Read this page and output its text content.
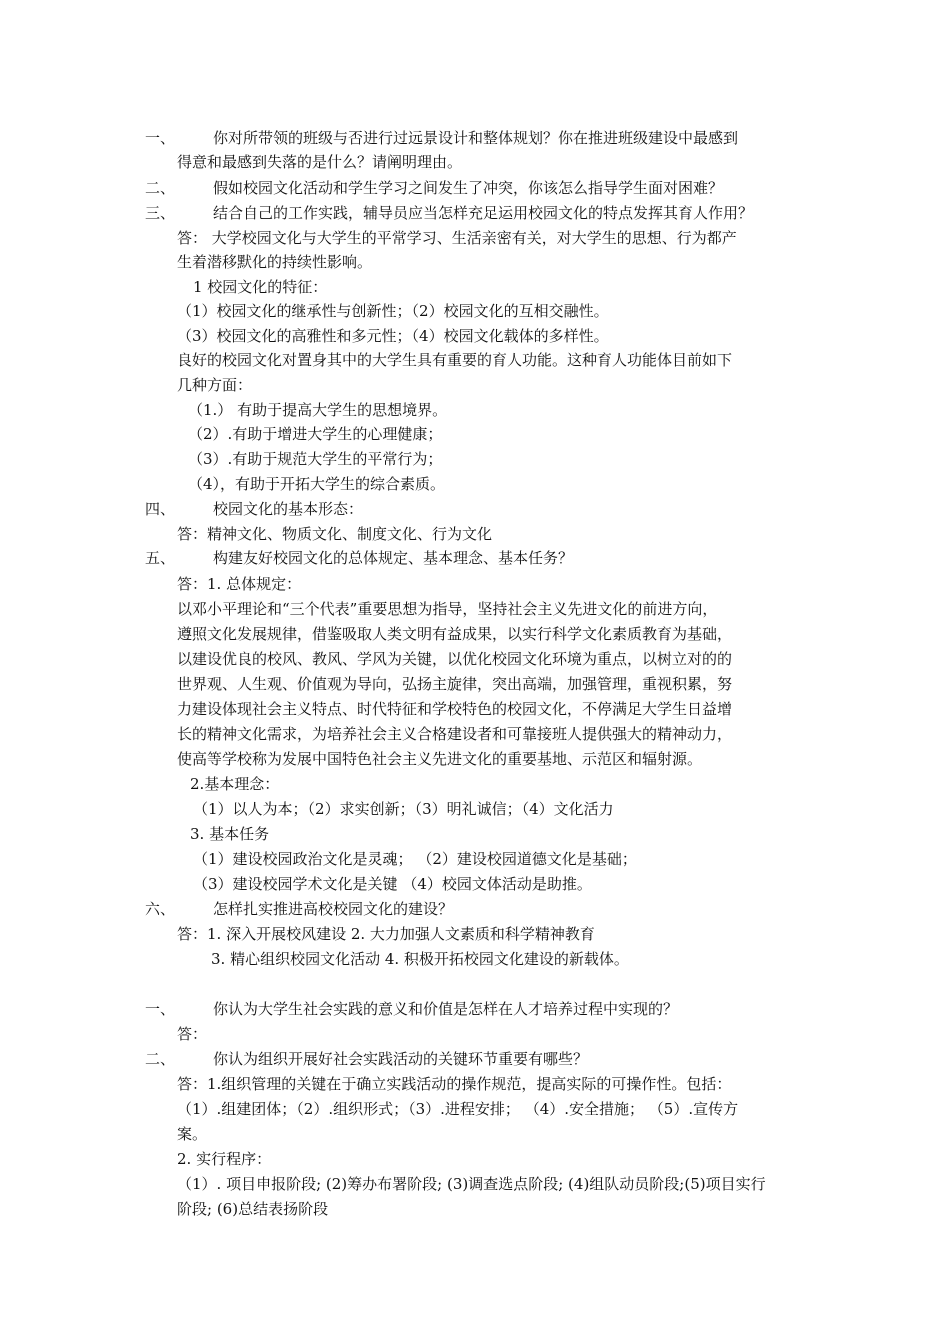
一、	你对所带领的班级与否进行过远景设计和整体规划？你在推进班级建设中最感到
得意和最感到失落的是什么？请阐明理由。
二、	假如校园文化活动和学生学习之间发生了冲突，你该怎么指导学生面对困难？
三、	结合自己的工作实践，辅导员应当怎样充足运用校园文化的特点发挥其育人作用？
答： 大学校园文化与大学生的平常学习、生活亲密有关，对大学生的思想、行为都产
生着潜移默化的持续性影响。
1 校园文化的特征：
（1）校园文化的继承性与创新性；（2）校园文化的互相交融性。
（3）校园文化的高雅性和多元性；（4）校园文化载体的多样性。
良好的校园文化对置身其中的大学生具有重要的育人功能。这种育人功能体目前如下
几种方面：
（1.） 有助于提高大学生的思想境界。
（2）.有助于增进大学生的心理健康；
（3）.有助于规范大学生的平常行为；
（4），有助于开拓大学生的综合素质。
四、	校园文化的基本形态：
答：精神文化、物质文化、制度文化、行为文化
五、	构建友好校园文化的总体规定、基本理念、基本任务？
答：1. 总体规定：
以邓小平理论和“三个代表”重要思想为指导，坚持社会主义先进文化的前进方向，
遵照文化发展规律，借鉴吸取人类文明有益成果，以实行科学文化素质教育为基础，
以建设优良的校风、教风、学风为关键，以优化校园文化环境为重点，以树立对的的
世界观、人生观、价值观为导向，弘扬主旋律，突出高端，加强管理，重视积累，努
力建设体现社会主义特点、时代特征和学校特色的校园文化，不停满足大学生日益增
长的精神文化需求，为培养社会主义合格建设者和可靠接班人提供强大的精神动力，
使高等学校称为发展中国特色社会主义先进文化的重要基地、示范区和辐射源。
2.基本理念：
（1）以人为本；（2）求实创新；（3）明礼诚信；（4）文化活力
3. 基本任务
（1）建设校园政治文化是灵魂； （2）建设校园道德文化是基础；
（3）建设校园学术文化是关键 （4）校园文体活动是助推。
六、	怎样扎实推进高校校园文化的建设？
答：1. 深入开展校风建设 2. 大力加强人文素质和科学精神教育
3. 精心组织校园文化活动 4. 积极开拓校园文化建设的新载体。
一、	你认为大学生社会实践的意义和价值是怎样在人才培养过程中实现的？
答：
二、	你认为组织开展好社会实践活动的关键环节重要有哪些？
答：1.组织管理的关键在于确立实践活动的操作规范，提高实际的可操作性。包括：
（1）.组建团体；（2）.组织形式；（3）.进程安排； （4）.安全措施； （5）.宣传方
案。
2. 实行程序：
（1）. 项目申报阶段; (2)筹办布署阶段; (3)调查选点阶段; (4)组队动员阶段;(5)项目实行
阶段; (6)总结表扬阶段
